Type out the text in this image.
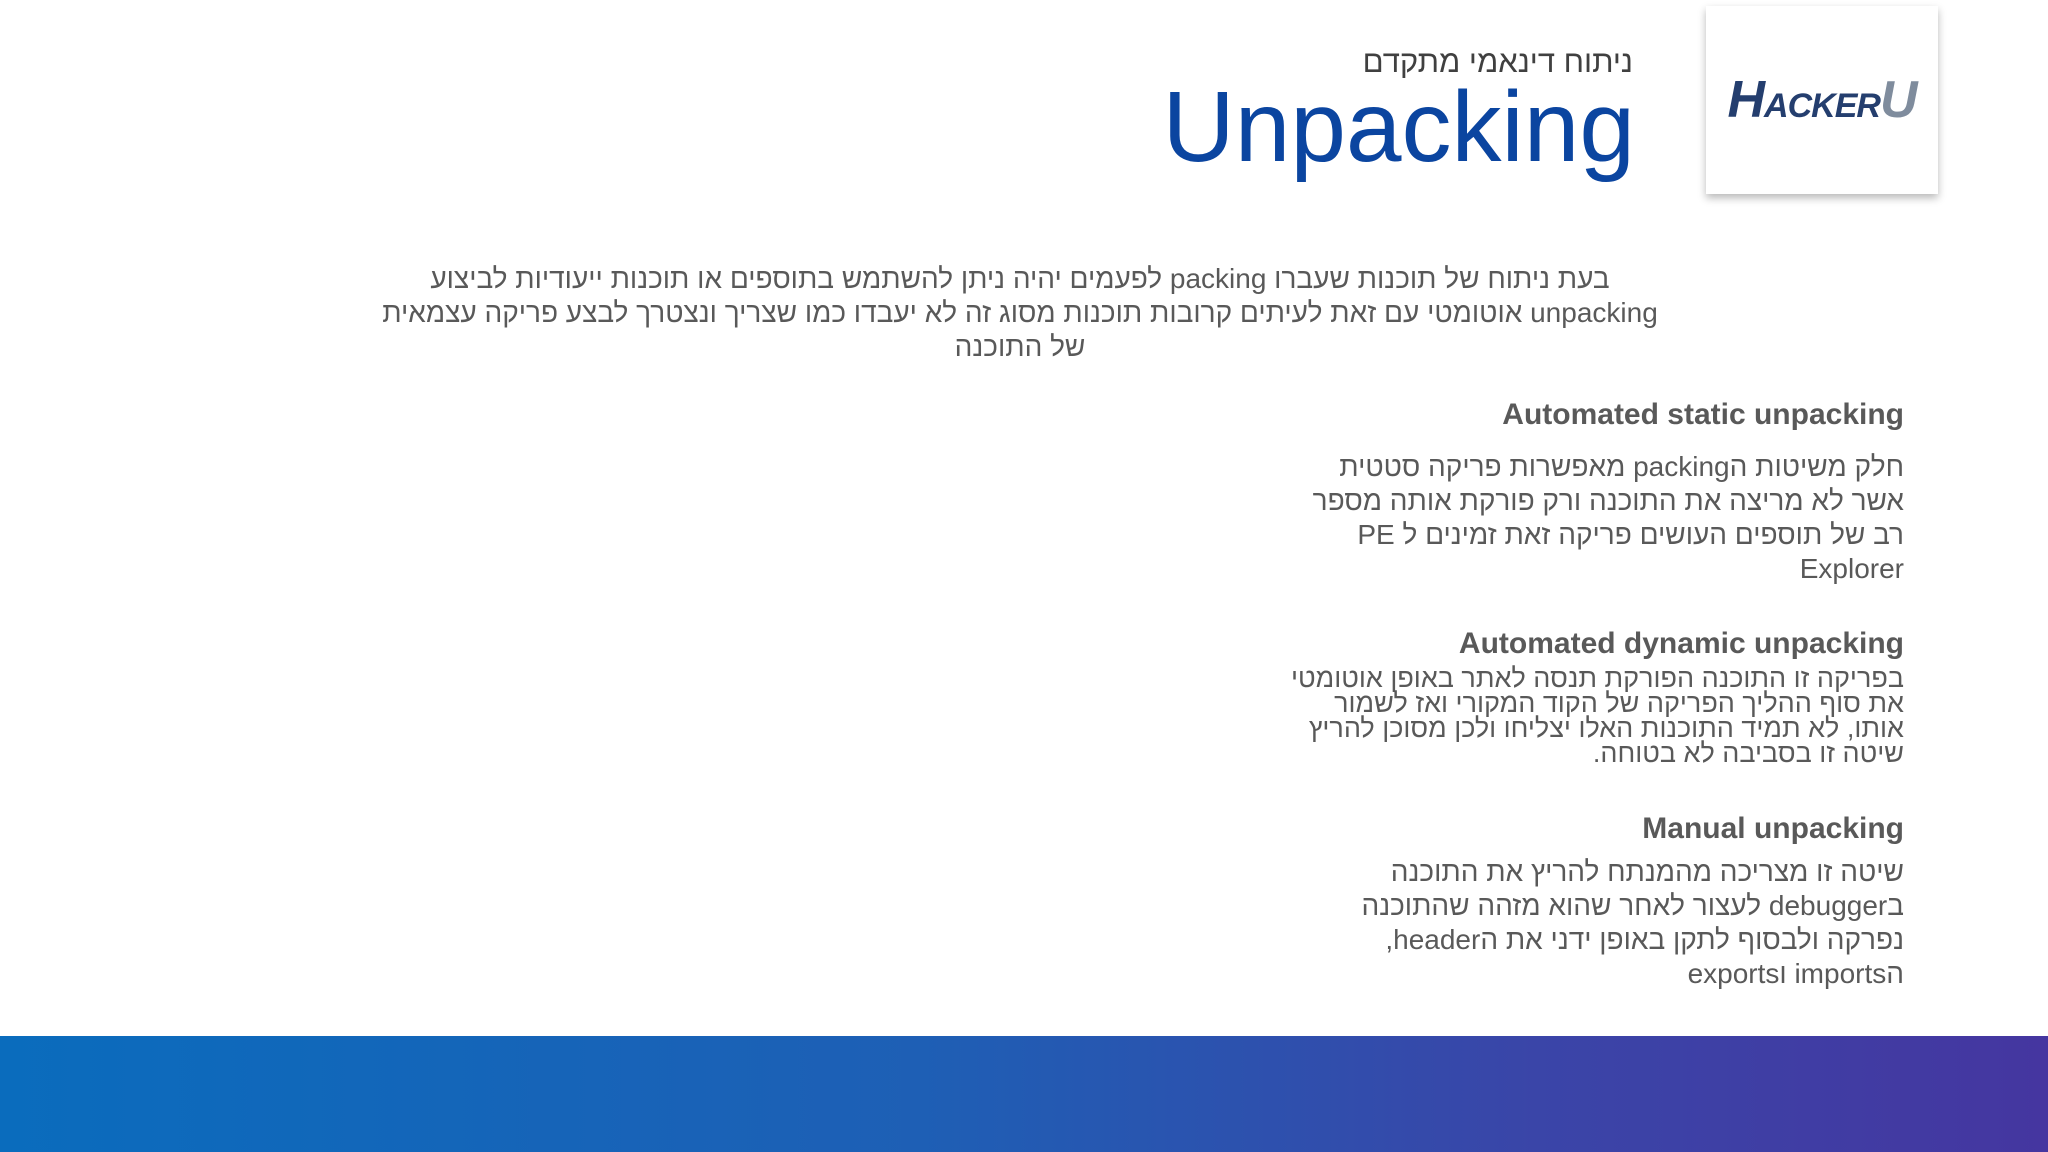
ניתוח דינאמי מתקדם
Unpacking HACKERU
בעת ניתוח של תוכנות שעברו packing לפעמים יהיה ניתן להשתמש בתוספים או תוכנות ייעודיות לביצוע
unpacking אוטומטי עם זאת לעיתים קרובות תוכנות מסוג זה לא יעבדו כמו שצריך ונצטרך לבצע פריקה עצמאית
של התוכנה
Automated static unpacking
חלק משיטות הpacking מאפשרות פריקה סטטית
אשר לא מריצה את התוכנה ורק פורקת אותה מספר
רב של תוספים העושים פריקה זאת זמינים ל PE
Explorer
Automated dynamic unpacking
בפריקה זו התוכנה הפורקת תנסה לאתר באופן אוטומטי
את סוף ההליך הפריקה של הקוד המקורי ואז לשמור
אותו, לא תמיד התוכנות האלו יצליחו ולכן מסוכן להריץ
שיטה זו בסביבה לא בטוחה.
Manual unpacking
שיטה זו מצריכה מהמנתח להריץ את התוכנה
בdebugger לעצור לאחר שהוא מזהה שהתוכנה
נפרקה ולבסוף לתקן באופן ידני את הheader,
הimports וexports
